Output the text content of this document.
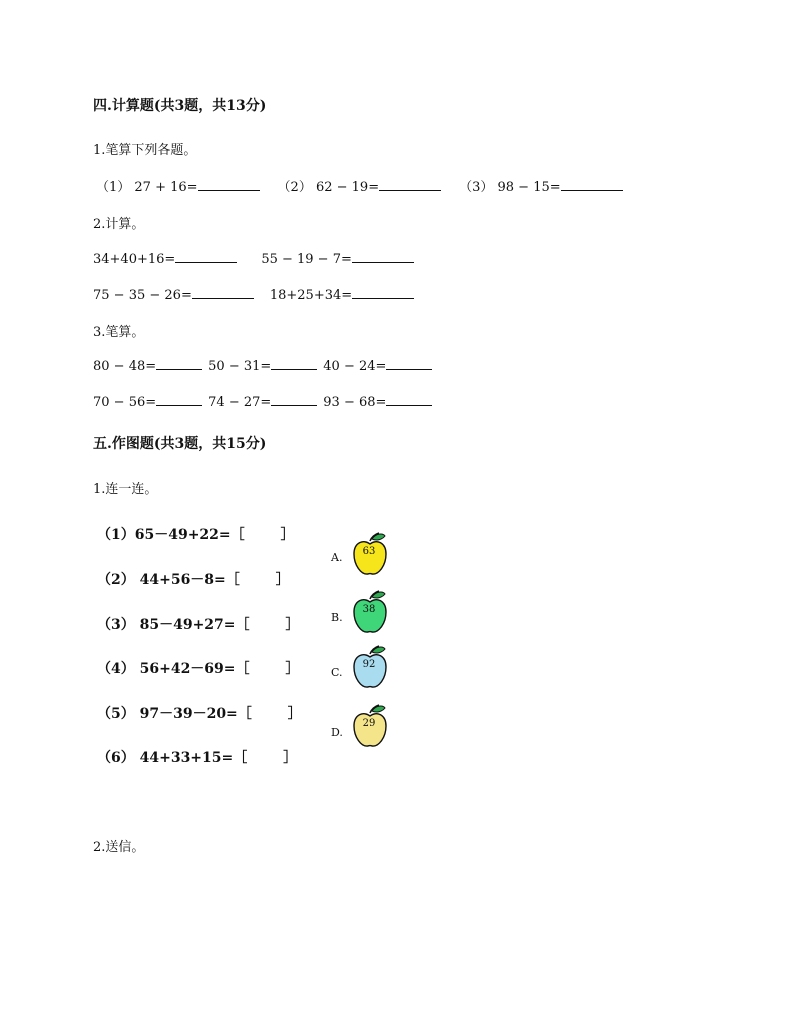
四.计算题(共3题，共13分)
1.笔算下列各题。
（1） 27 + 16=	（2） 62 − 19=	（3） 98 − 15=
2.计算。
34+40+16=	55 − 19 − 7=
75 − 35 − 26=	18+25+34=
3.笔算。
80 − 48=	50 − 31=	40 − 24=
70 − 56=	74 − 27=	93 − 68=
五.作图题(共3题，共15分)
1.连一连。
（1）65－49+22=［	］
（2） 44+56－8=［	］
（3） 85－49+27=［	］
（4） 56+42－69=［	］
（5） 97－39－20=［	］
（6） 44+33+15=［	］
A.
B.
C.
D.
63
38
92
29
2.送信。
